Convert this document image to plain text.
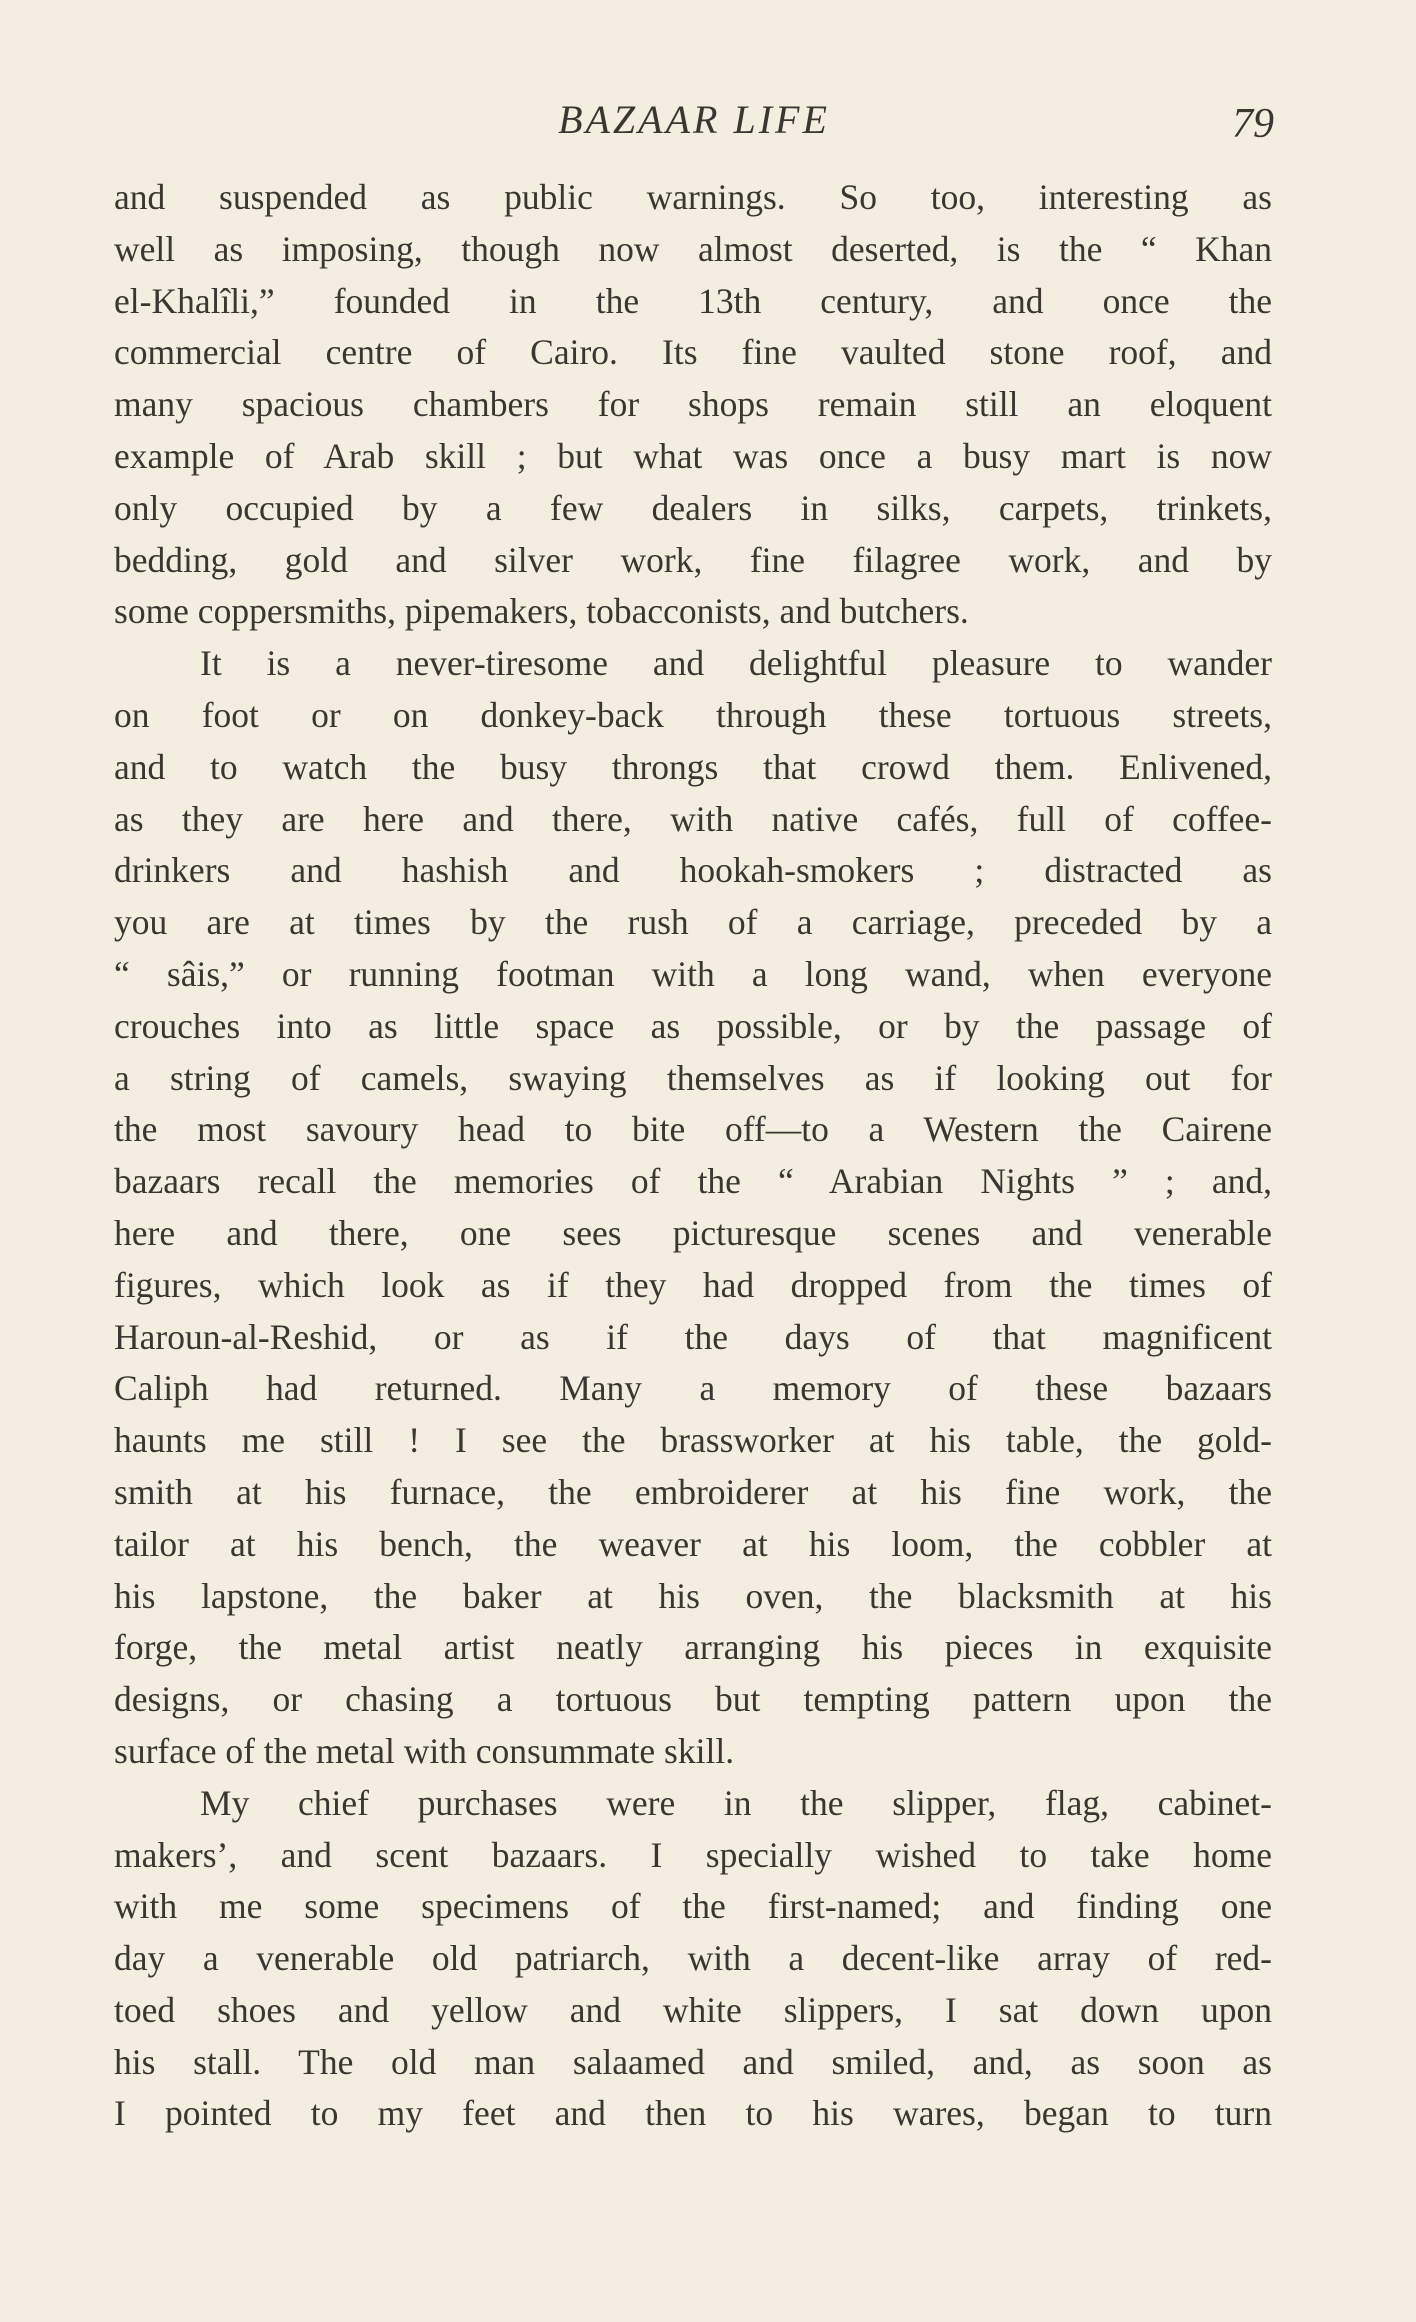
BAZAAR LIFE	79
and suspended as public warnings. So too, interesting as
well as imposing, though now almost deserted, is the “ Khan
el-Khalîli,” founded in the 13th century, and once the
commercial centre of Cairo. Its fine vaulted stone roof, and
many spacious chambers for shops remain still an eloquent
example of Arab skill ; but what was once a busy mart is now
only occupied by a few dealers in silks, carpets, trinkets,
bedding, gold and silver work, fine filagree work, and by
some coppersmiths, pipemakers, tobacconists, and butchers.
It is a never-tiresome and delightful pleasure to wander
on foot or on donkey-back through these tortuous streets,
and to watch the busy throngs that crowd them. Enlivened,
as they are here and there, with native cafés, full of coffee-
drinkers and hashish and hookah-smokers ; distracted as
you are at times by the rush of a carriage, preceded by a
“ sâis,” or running footman with a long wand, when everyone
crouches into as little space as possible, or by the passage of
a string of camels, swaying themselves as if looking out for
the most savoury head to bite off—to a Western the Cairene
bazaars recall the memories of the “ Arabian Nights ” ; and,
here and there, one sees picturesque scenes and venerable
figures, which look as if they had dropped from the times of
Haroun-al-Reshid, or as if the days of that magnificent
Caliph had returned. Many a memory of these bazaars
haunts me still ! I see the brassworker at his table, the gold-
smith at his furnace, the embroiderer at his fine work, the
tailor at his bench, the weaver at his loom, the cobbler at
his lapstone, the baker at his oven, the blacksmith at his
forge, the metal artist neatly arranging his pieces in exquisite
designs, or chasing a tortuous but tempting pattern upon the
surface of the metal with consummate skill.
My chief purchases were in the slipper, flag, cabinet-
makers’, and scent bazaars. I specially wished to take home
with me some specimens of the first-named; and finding one
day a venerable old patriarch, with a decent-like array of red-
toed shoes and yellow and white slippers, I sat down upon
his stall. The old man salaamed and smiled, and, as soon as
I pointed to my feet and then to his wares, began to turn
